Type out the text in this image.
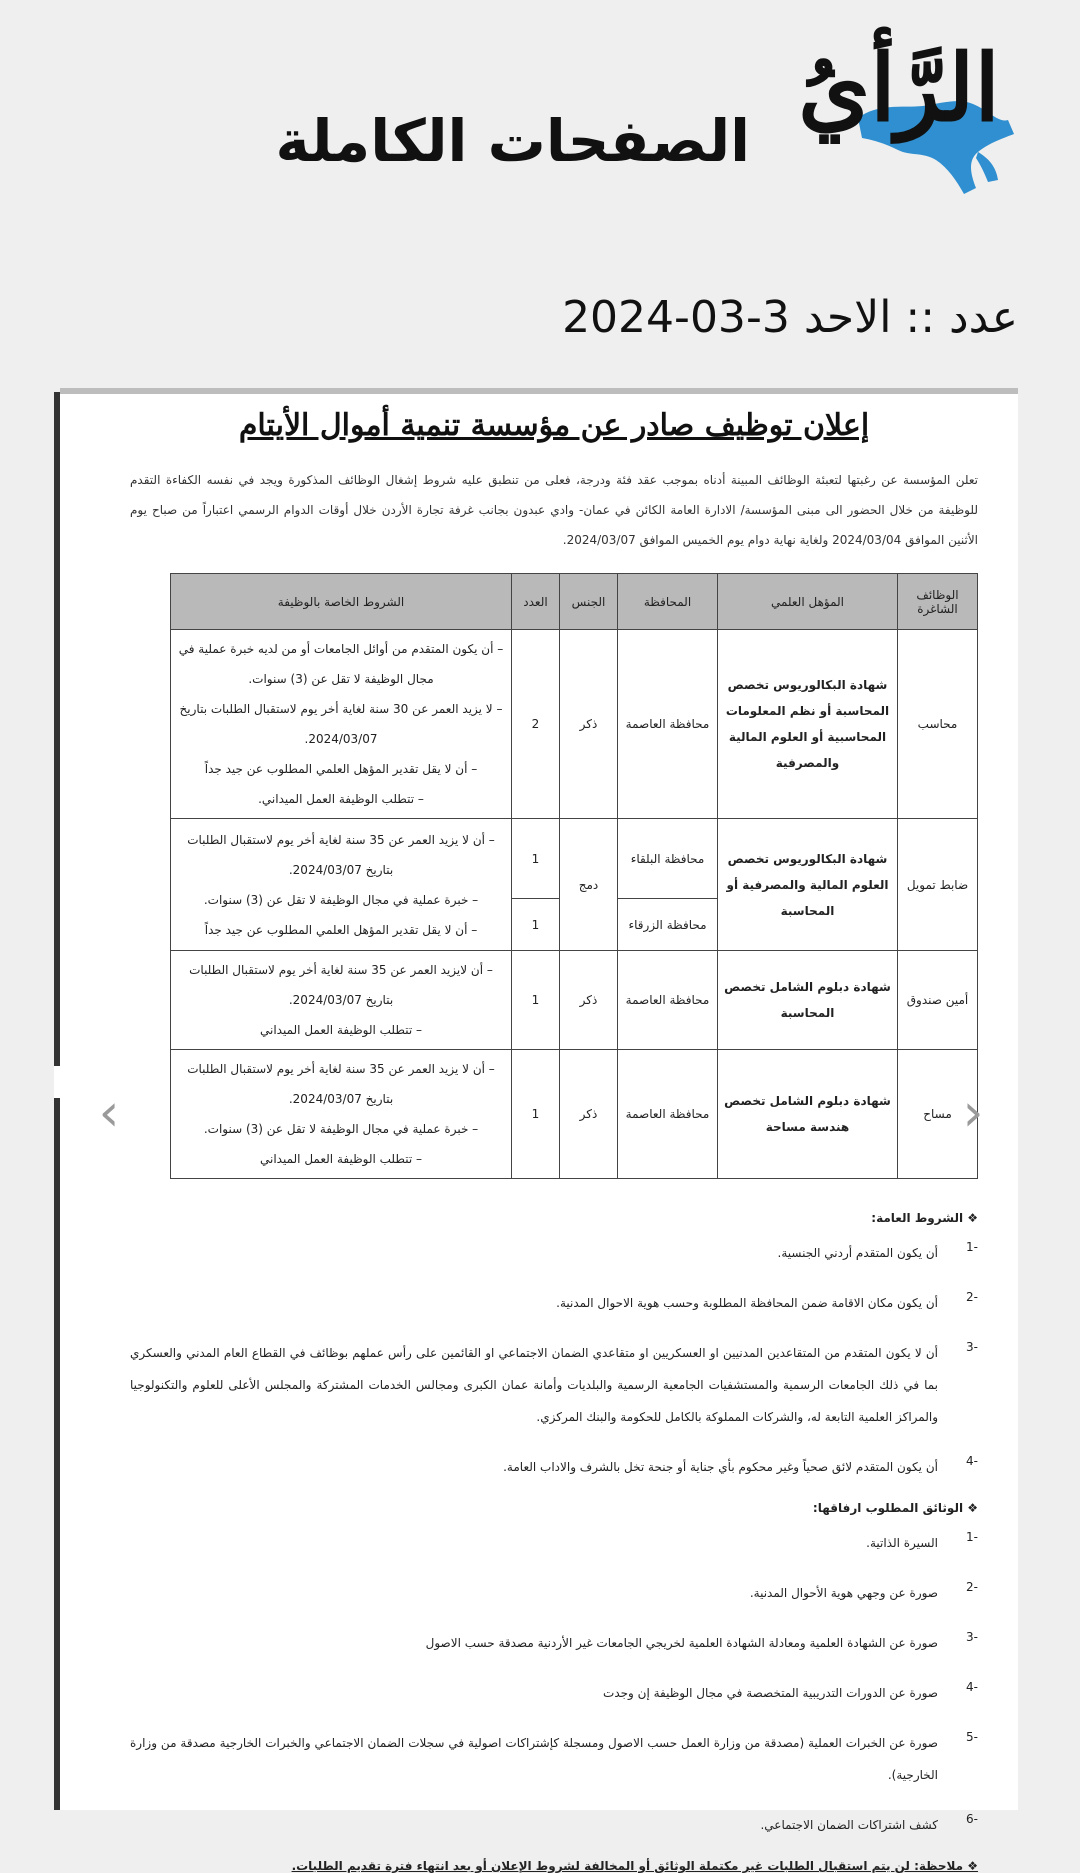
الرَّأيُ
الصفحات الكاملة
عدد :: الاحد 3-03-2024
إعلان توظيف صادر عن مؤسسة تنمية أموال الأيتام
تعلن المؤسسة عن رغبتها لتعبئة الوظائف المبينة أدناه بموجب عقد فئة ودرجة، فعلى من تنطبق عليه شروط إشغال الوظائف المذكورة ويجد في نفسه الكفاءة التقدم للوظيفة من خلال الحضور الى مبنى المؤسسة/ الادارة العامة الكائن في عمان- وادي عبدون بجانب غرفة تجارة الأردن خلال أوقات الدوام الرسمي اعتباراً من صباح يوم الأثنين الموافق 2024/03/04 ولغاية نهاية دوام يوم الخميس الموافق 2024/03/07.
الوظائف الشاغرة	المؤهل العلمي	المحافظة	الجنس	العدد	الشروط الخاصة بالوظيفة
محاسب	شهادة البكالوريوس تخصص المحاسبة أو نظم المعلومات المحاسبية أو العلوم المالية والمصرفية	محافظة العاصمة	ذكر	2	– أن يكون المتقدم من أوائل الجامعات أو من لديه خبرة عملية في مجال الوظيفة لا تقل عن (3) سنوات.
– لا يزيد العمر عن 30 سنة لغاية أخر يوم لاستقبال الطلبات بتاريخ 2024/03/07.
– أن لا يقل تقدير المؤهل العلمي المطلوب عن جيد جداً
– تتطلب الوظيفة العمل الميداني.

ضابط تمويل	شهادة البكالوريوس تخصص العلوم المالية والمصرفية أو المحاسبة	محافظة البلقاء	دمج	1	– أن لا يزيد العمر عن 35 سنة لغاية أخر يوم لاستقبال الطلبات بتاريخ 2024/03/07.
– خبرة عملية في مجال الوظيفة لا تقل عن (3) سنوات.
– أن لا يقل تقدير المؤهل العلمي المطلوب عن جيد جداً

		محافظة الزرقاء		1	
أمين صندوق	شهادة دبلوم الشامل تخصص المحاسبة	محافظة العاصمة	ذكر	1	– أن لايزيد العمر عن 35 سنة لغاية أخر يوم لاستقبال الطلبات بتاريخ 2024/03/07.
– تتطلب الوظيفة العمل الميداني

مساح	شهادة دبلوم الشامل تخصص هندسة مساحة	محافظة العاصمة	ذكر	1	– أن لا يزيد العمر عن 35 سنة لغاية أخر يوم لاستقبال الطلبات بتاريخ 2024/03/07.
– خبرة عملية في مجال الوظيفة لا تقل عن (3) سنوات.
– تتطلب الوظيفة العمل الميداني
❖ الشروط العامة:
-1
أن يكون المتقدم أردني الجنسية.
-2
أن يكون مكان الاقامة ضمن المحافظة المطلوبة وحسب هوية الاحوال المدنية.
-3
أن لا يكون المتقدم من المتقاعدين المدنيين او العسكريين او متقاعدي الضمان الاجتماعي او القائمين على رأس عملهم بوظائف في القطاع العام المدني والعسكري بما في ذلك الجامعات الرسمية والمستشفيات الجامعية الرسمية والبلديات وأمانة عمان الكبرى ومجالس الخدمات المشتركة والمجلس الأعلى للعلوم والتكنولوجيا والمراكز العلمية التابعة له، والشركات المملوكة بالكامل للحكومة والبنك المركزي.
-4
أن يكون المتقدم لائق صحياً وغير محكوم بأي جناية أو جنحة تخل بالشرف والاداب العامة.
❖ الوثائق المطلوب ارفاقها:
-1
السيرة الذاتية.
-2
صورة عن وجهي هوية الأحوال المدنية.
-3
صورة عن الشهادة العلمية ومعادلة الشهادة العلمية لخريجي الجامعات غير الأردنية مصدقة حسب الاصول
-4
صورة عن الدورات التدريبية المتخصصة في مجال الوظيفة إن وجدت
-5
صورة عن الخبرات العملية (مصدقة من وزارة العمل حسب الاصول ومسجلة كإشتراكات اصولية في سجلات الضمان الاجتماعي والخبرات الخارجية مصدقة من وزارة الخارجية).
-6
كشف اشتراكات الضمان الاجتماعي.
❖ ملاحظة: لن يتم استقبال الطلبات غير مكتملة الوثائق أو المخالفة لشروط الإعلان أو بعد انتهاء فترة تقديم الطلبات.
‹	›
